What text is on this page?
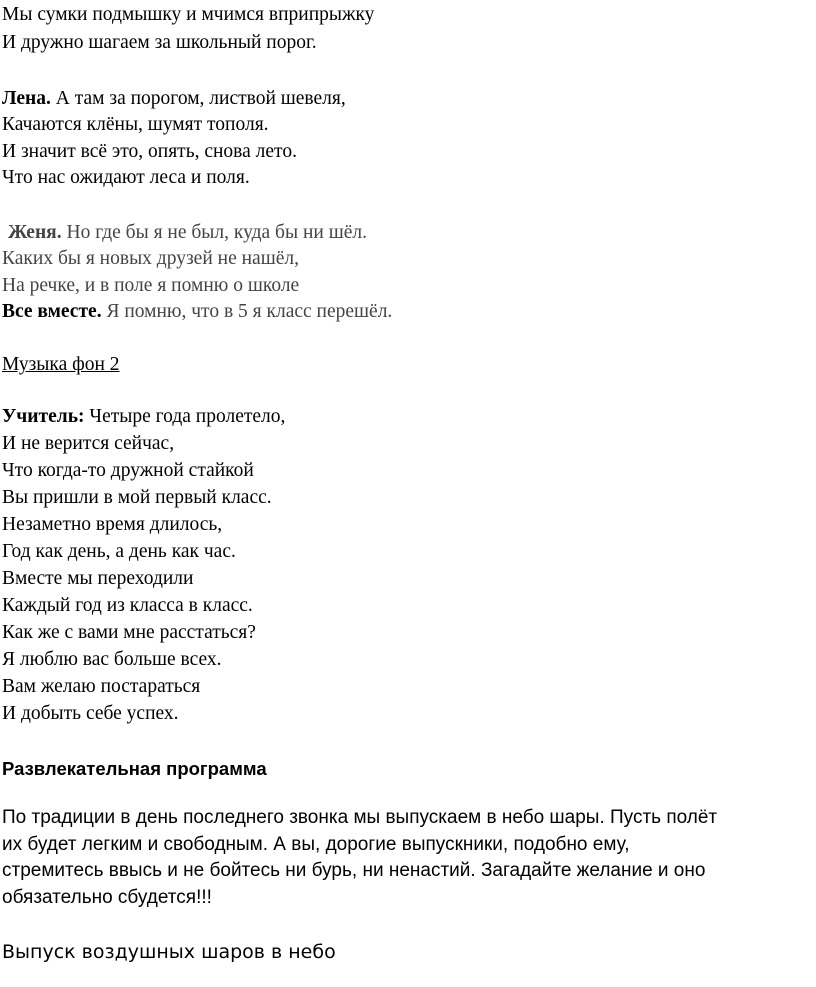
Мы сумки подмышку и мчимся вприпрыжку
И дружно шагаем за школьный порог.
Лена. А там за порогом, листвой шевеля,
Качаются клёны, шумят тополя.
И значит всё это, опять, снова лето.
Что нас ожидают леса и поля.
Женя. Но где бы я не был, куда бы ни шёл.
Каких бы я новых друзей не нашёл,
На речке, и в поле я помню о школе
Все вместе. Я помню, что в 5 я класс перешёл.
Музыка фон 2
Учитель: Четыре года пролетело,
И не верится сейчас,
Что когда-то дружной стайкой
Вы пришли в мой первый класс.
Незаметно время длилось,
Год как день, а день как час.
Вместе мы переходили
Каждый год из класса в класс.
Как же с вами мне расстаться?
Я люблю вас больше всех.
Вам желаю постараться
И добыть себе успех.
Развлекательная программа
По традиции в день последнего звонка мы выпускаем в небо шары. Пусть полёт
их будет легким и свободным. А вы, дорогие выпускники, подобно ему,
стремитесь ввысь и не бойтесь ни бурь, ни ненастий. Загадайте желание и оно
обязательно сбудется!!!
Выпуск воздушных шаров в небо
